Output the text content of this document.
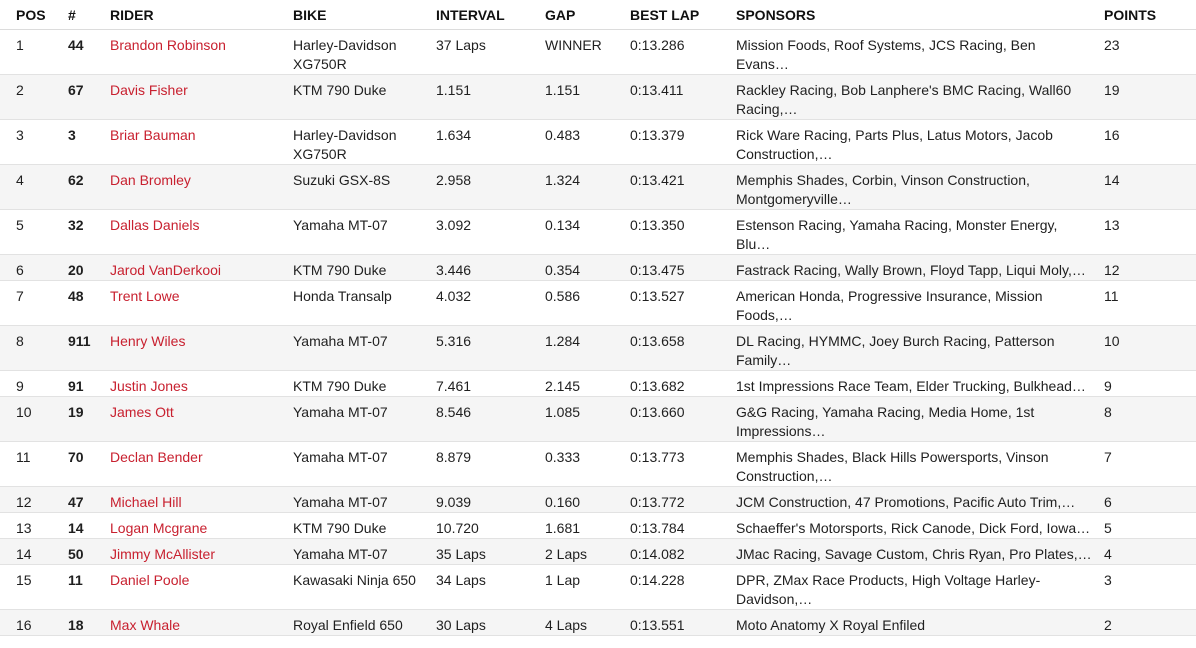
POS	#	RIDER	BIKE	INTERVAL	GAP	BEST LAP	SPONSORS	POINTS
1	44	Brandon Robinson	Harley-Davidson XG750R	37 Laps	WINNER	0:13.286	Mission Foods, Roof Systems, JCS Racing, Ben Evans…	23
2	67	Davis Fisher	KTM 790 Duke	1.151	1.151	0:13.411	Rackley Racing, Bob Lanphere's BMC Racing, Wall60 Racing,…	19
3	3	Briar Bauman	Harley-Davidson XG750R	1.634	0.483	0:13.379	Rick Ware Racing, Parts Plus, Latus Motors, Jacob Construction,…	16
4	62	Dan Bromley	Suzuki GSX-8S	2.958	1.324	0:13.421	Memphis Shades, Corbin, Vinson Construction, Montgomeryville…	14
5	32	Dallas Daniels	Yamaha MT-07	3.092	0.134	0:13.350	Estenson Racing, Yamaha Racing, Monster Energy, Blu…	13
6	20	Jarod VanDerkooi	KTM 790 Duke	3.446	0.354	0:13.475	Fastrack Racing, Wally Brown, Floyd Tapp, Liqui Moly,…	12
7	48	Trent Lowe	Honda Transalp	4.032	0.586	0:13.527	American Honda, Progressive Insurance, Mission Foods,…	11
8	911	Henry Wiles	Yamaha MT-07	5.316	1.284	0:13.658	DL Racing, HYMMC, Joey Burch Racing, Patterson Family…	10
9	91	Justin Jones	KTM 790 Duke	7.461	2.145	0:13.682	1st Impressions Race Team, Elder Trucking, Bulkhead…	9
10	19	James Ott	Yamaha MT-07	8.546	1.085	0:13.660	G&G Racing, Yamaha Racing, Media Home, 1st Impressions…	8
11	70	Declan Bender	Yamaha MT-07	8.879	0.333	0:13.773	Memphis Shades, Black Hills Powersports, Vinson Construction,…	7
12	47	Michael Hill	Yamaha MT-07	9.039	0.160	0:13.772	JCM Construction, 47 Promotions, Pacific Auto Trim,…	6
13	14	Logan Mcgrane	KTM 790 Duke	10.720	1.681	0:13.784	Schaeffer's Motorsports, Rick Canode, Dick Ford, Iowa…	5
14	50	Jimmy McAllister	Yamaha MT-07	35 Laps	2 Laps	0:14.082	JMac Racing, Savage Custom, Chris Ryan, Pro Plates,…	4
15	11	Daniel Poole	Kawasaki Ninja 650	34 Laps	1 Lap	0:14.228	DPR, ZMax Race Products, High Voltage Harley-Davidson,…	3
16	18	Max Whale	Royal Enfield 650	30 Laps	4 Laps	0:13.551	Moto Anatomy X Royal Enfiled	2
